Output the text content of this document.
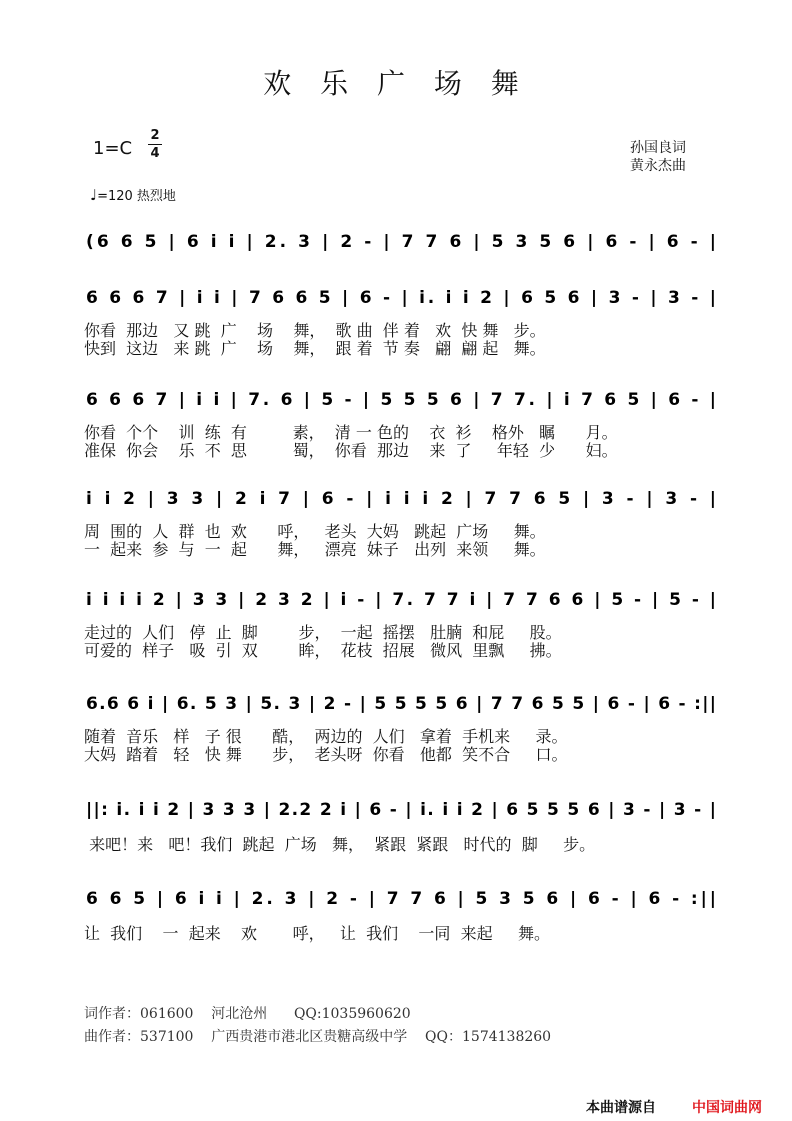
欢 乐 广 场 舞
1=C
2
4	孙国良词
黄永杰曲
♩=120 热烈地
(6 6 5 | 6 i i | 2. 3 | 2 - | 7 7 6 | 5 3 5 6 | 6 - | 6 - |
6 6 6 7 | i i | 7 6 6 5 | 6 - | i. i i 2 | 6 5 6 | 3 - | 3 - |
6 6 6 7 | i i | 7. 6 | 5 - | 5 5 5 6 | 7 7. | i 7 6 5 | 6 - |
i i 2 | 3 3 | 2 i 7 | 6 - | i i i 2 | 7 7 6 5 | 3 - | 3 - |
i i i i 2 | 3 3 | 2 3 2 | i - | 7. 7 7 i | 7 7 6 6 | 5 - | 5 - |
6.6 6 i | 6. 5 3 | 5. 3 | 2 - | 5 5 5 5 6 | 7 7 6 5 5 | 6 - | 6 - :||
||: i. i i 2 | 3 3 3 | 2.2 2 i | 6 - | i. i i 2 | 6 5 5 5 6 | 3 - | 3 - |
6 6 5 | 6 i i | 2. 3 | 2 - | 7 7 6 | 5 3 5 6 | 6 - | 6 - :||
你看  那边   又 跳  广    场    舞，  歌 曲  伴 着   欢  快 舞   步。
快到  这边   来 跳  广    场    舞，  跟 着  节 奏   翩  翩 起   舞。
你看  个个    训  练  有         素，  清 一 色的    衣  衫    格外   瞩      月。
准保  你会    乐  不  思         蜀，  你看  那边    来  了     年轻  少      妇。
周  围的  人  群  也  欢      呼，   老头  大妈   跳起  广场     舞。
一  起来  参  与  一  起      舞，   漂亮  妹子   出列  来领     舞。
走过的  人们   停  止  脚        步，  一起  摇摆   肚腩  和屁     股。
可爱的  样子   吸  引  双        眸，  花枝  招展   微风  里飘     拂。
随着  音乐   样   子 很      酷，  两边的  人们   拿着  手机来     录。
大妈  踏着   轻   快 舞      步，  老头呀  你看   他都  笑不合     口。
来吧！来   吧！我们  跳起  广场   舞，  紧跟  紧跟   时代的  脚     步。
让  我们    一  起来    欢       呼，   让  我们    一同  来起     舞。
词作者：061600    河北沧州      QQ:1035960620
曲作者：537100    广西贵港市港北区贵糖高级中学    QQ：1574138260
本曲谱源自	中国词曲网
